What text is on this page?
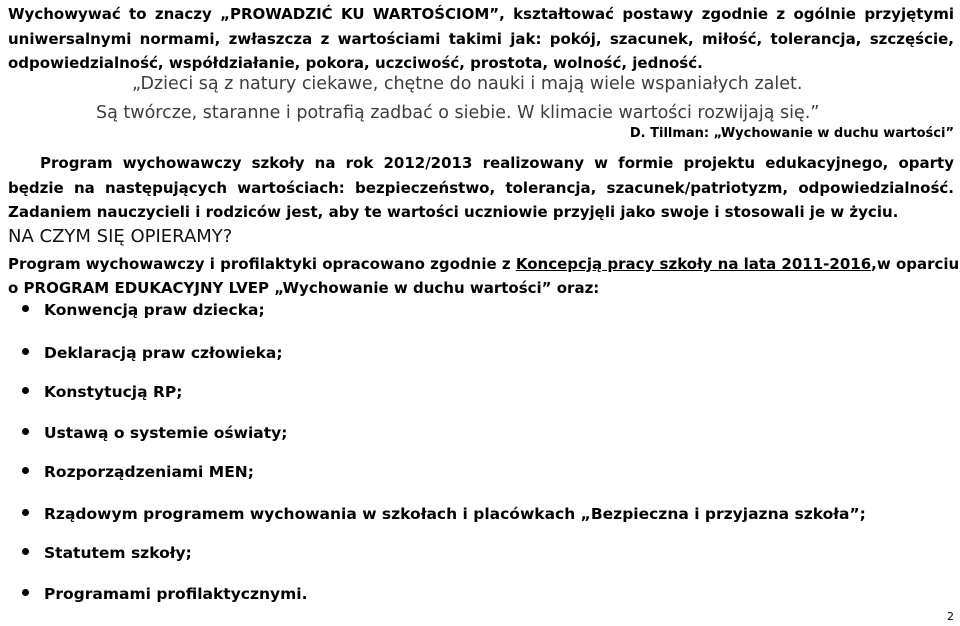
Wychowywać to znaczy „PROWADZIĆ KU WARTOŚCIOM”, kształtować postawy zgodnie z ogólnie przyjętymi
uniwersalnymi normami, zwłaszcza z wartościami takimi jak: pokój, szacunek, miłość, tolerancja, szczęście,
odpowiedzialność, współdziałanie, pokora, uczciwość, prostota, wolność, jedność.
„Dzieci są z natury ciekawe, chętne do nauki i mają wiele wspaniałych zalet.
Są twórcze, staranne i potrafią zadbać o siebie. W klimacie wartości rozwijają się.”
D. Tillman: „Wychowanie w duchu wartości”
Program wychowawczy szkoły na rok 2012/2013 realizowany w formie projektu edukacyjnego, oparty
będzie na następujących wartościach: bezpieczeństwo, tolerancja, szacunek/patriotyzm, odpowiedzialność.
Zadaniem nauczycieli i rodziców jest, aby te wartości uczniowie przyjęli jako swoje i stosowali je w życiu.
NA CZYM SIĘ OPIERAMY?
Program wychowawczy i profilaktyki opracowano zgodnie z Koncepcją pracy szkoły na lata 2011-2016,w oparciu
o PROGRAM EDUKACYJNY LVEP „Wychowanie w duchu wartości” oraz:
Konwencją praw dziecka;
Deklaracją praw człowieka;
Konstytucją RP;
Ustawą o systemie oświaty;
Rozporządzeniami MEN;
Rządowym programem wychowania w szkołach i placówkach „Bezpieczna i przyjazna szkoła”;
Statutem szkoły;
Programami profilaktycznymi.
2
